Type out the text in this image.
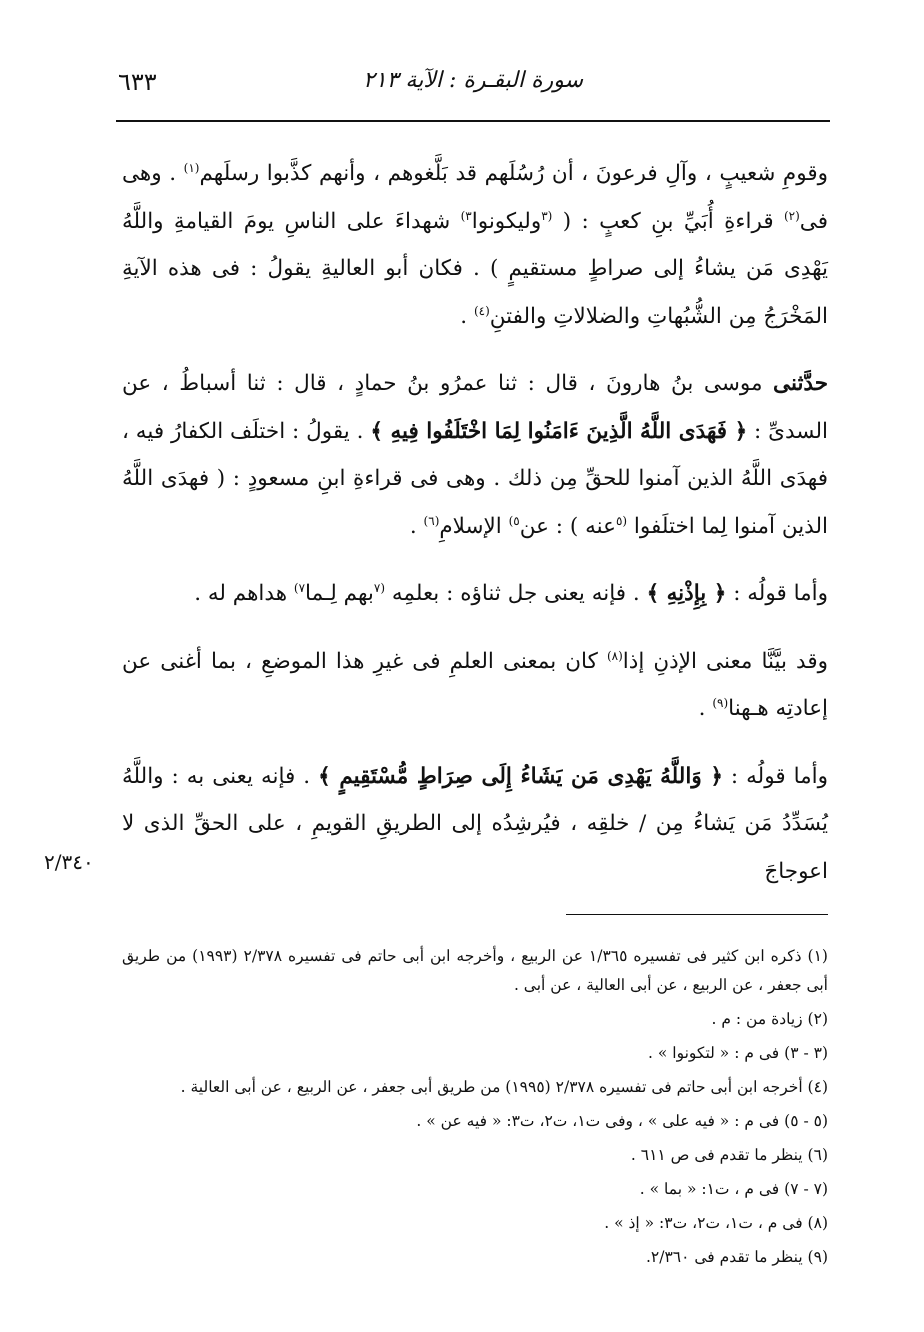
٦٣٣	سورة البقـرة : الآية ٢١٣

وقومِ شعيبٍ ، وآلِ فرعونَ ، أن رُسُلَهم قد بَلَّغوهم ، وأنهم كذَّبوا رسلَهم$^{(١)}$ . وهى فى$^{(٢)}$ قراءةِ أُبَيِّ بنِ كعبٍ : ( $^{(٣}$وليكونوا$^{٣)}$ شهداءَ على الناسِ يومَ القيامةِ واللَّهُ يَهْدِى مَن يشاءُ إلى صراطٍ مستقيمٍ ) . فكان أبو العاليةِ يقولُ : فى هذه الآيةِ المَخْرَجُ مِن الشُّبُهاتِ والضلالاتِ والفتنِ$^{(٤)}$ .

حدَّثنى موسى بنُ هارونَ ، قال : ثنا عمرُو بنُ حمادٍ ، قال : ثنا أسباطُ ، عن السدىِّ : ﴿ فَهَدَى اللَّهُ الَّذِينَ ءَامَنُوا لِمَا اخْتَلَفُوا فِيهِ ﴾ . يقولُ : اختلَف الكفارُ فيه ، فهدَى اللَّهُ الذين آمنوا للحقِّ مِن ذلك . وهى فى قراءةِ ابنِ مسعودٍ : ( فهدَى اللَّهُ الذين آمنوا لِما اختلَفوا $^{(٥}$عنه ) : عن$^{٥)}$ الإسلامِ$^{(٦)}$ .

وأما قولُه : ﴿ بِإِذْنِهِ ﴾ . فإنه يعنى جل ثناؤه : بعلمِه $^{(٧}$بهم لِـما$^{٧)}$ هداهم له .

وقد بيَّنَّا معنى الإذنِ إذا$^{(٨)}$ كان بمعنى العلمِ فى غيرِ هذا الموضعِ ، بما أغنى عن إعادتِه هـهنا$^{(٩)}$ .

وأما قولُه : ﴿ وَاللَّهُ يَهْدِى مَن يَشَاءُ إِلَى صِرَاطٍ مُّسْتَقِيمٍ ﴾ . فإنه يعنى به : واللَّهُ يُسَدِّدُ مَن يَشاءُ مِن / خلقِه ، فيُرشِدُه إلى الطريقِ القويمِ ، على الحقِّ الذى لا اعوجاجَ

٢/٣٤٠
(١) ذكره ابن كثير فى تفسيره ١/٣٦٥ عن الربيع ، وأخرجه ابن أبى حاتم فى تفسيره ٢/٣٧٨ (١٩٩٣) من طريق أبى جعفر ، عن الربيع ، عن أبى العالية ، عن أبى .
(٢) زيادة من : م .
(٣ - ٣) فى م : « لتكونوا » .
(٤) أخرجه ابن أبى حاتم فى تفسيره ٢/٣٧٨ (١٩٩٥) من طريق أبى جعفر ، عن الربيع ، عن أبى العالية .
(٥ - ٥) فى م : « فيه على » ، وفى ت١، ت٢، ت٣: « فيه عن » .
(٦) ينظر ما تقدم فى ص ٦١١ .
(٧ - ٧) فى م ، ت١: « بما » .
(٨) فى م ، ت١، ت٢، ت٣: « إذ » .
(٩) ينظر ما تقدم فى ٢/٣٦٠.
